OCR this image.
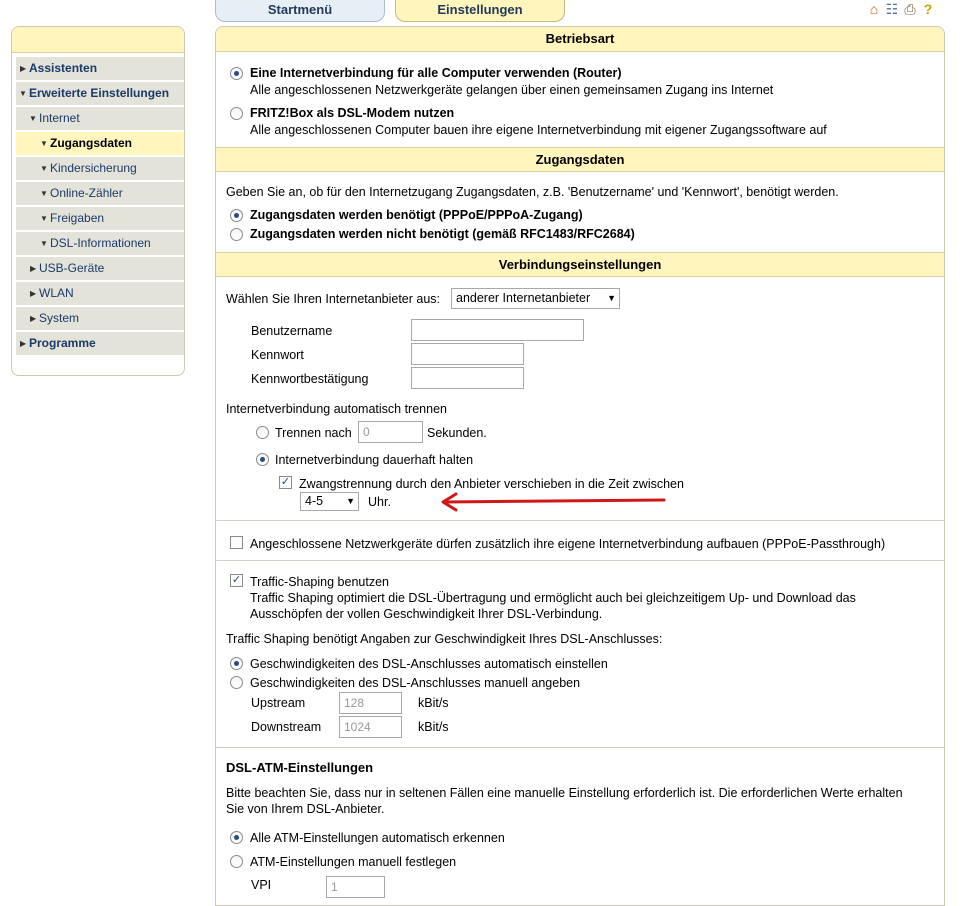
Startmenü	Einstellungen	⌂ ☷ ⎙ ?
▶ Assistenten
▼ Erweiterte Einstellungen
▼ Internet
▼ Zugangsdaten
▼ Kindersicherung
▼ Online-Zähler
▼ Freigaben
▼ DSL-Informationen
▶ USB-Geräte
▶ WLAN
▶ System
▶ Programme
Betriebsart
Eine Internetverbindung für alle Computer verwenden (Router)
Alle angeschlossenen Netzwerkgeräte gelangen über einen gemeinsamen Zugang ins Internet
FRITZ!Box als DSL-Modem nutzen
Alle angeschlossenen Computer bauen ihre eigene Internetverbindung mit eigener Zugangssoftware auf
Zugangsdaten
Geben Sie an, ob für den Internetzugang Zugangsdaten, z.B. 'Benutzername' und 'Kennwort', benötigt werden.
Zugangsdaten werden benötigt (PPPoE/PPPoA-Zugang)
Zugangsdaten werden nicht benötigt (gemäß RFC1483/RFC2684)
Verbindungseinstellungen
Wählen Sie Ihren Internetanbieter aus:	anderer Internetanbieter ▼
Benutzername
Kennwort
Kennwortbestätigung
Internetverbindung automatisch trennen
Trennen nach 0	Sekunden.
Internetverbindung dauerhaft halten
✓ Zwangstrennung durch den Anbieter verschieben in die Zeit zwischen
4-5	▼ Uhr.
Angeschlossene Netzwerkgeräte dürfen zusätzlich ihre eigene Internetverbindung aufbauen (PPPoE-Passthrough)
✓ Traffic-Shaping benutzen
Traffic Shaping optimiert die DSL-Übertragung und ermöglicht auch bei gleichzeitigem Up- und Download das
Ausschöpfen der vollen Geschwindigkeit Ihrer DSL-Verbindung.
Traffic Shaping benötigt Angaben zur Geschwindigkeit Ihres DSL-Anschlusses:
Geschwindigkeiten des DSL-Anschlusses automatisch einstellen
Geschwindigkeiten des DSL-Anschlusses manuell angeben
Upstream	128	kBit/s
Downstream	1024	kBit/s
DSL-ATM-Einstellungen
Bitte beachten Sie, dass nur in seltenen Fällen eine manuelle Einstellung erforderlich ist. Die erforderlichen Werte erhalten
Sie von Ihrem DSL-Anbieter.
Alle ATM-Einstellungen automatisch erkennen
ATM-Einstellungen manuell festlegen
VPI	1
